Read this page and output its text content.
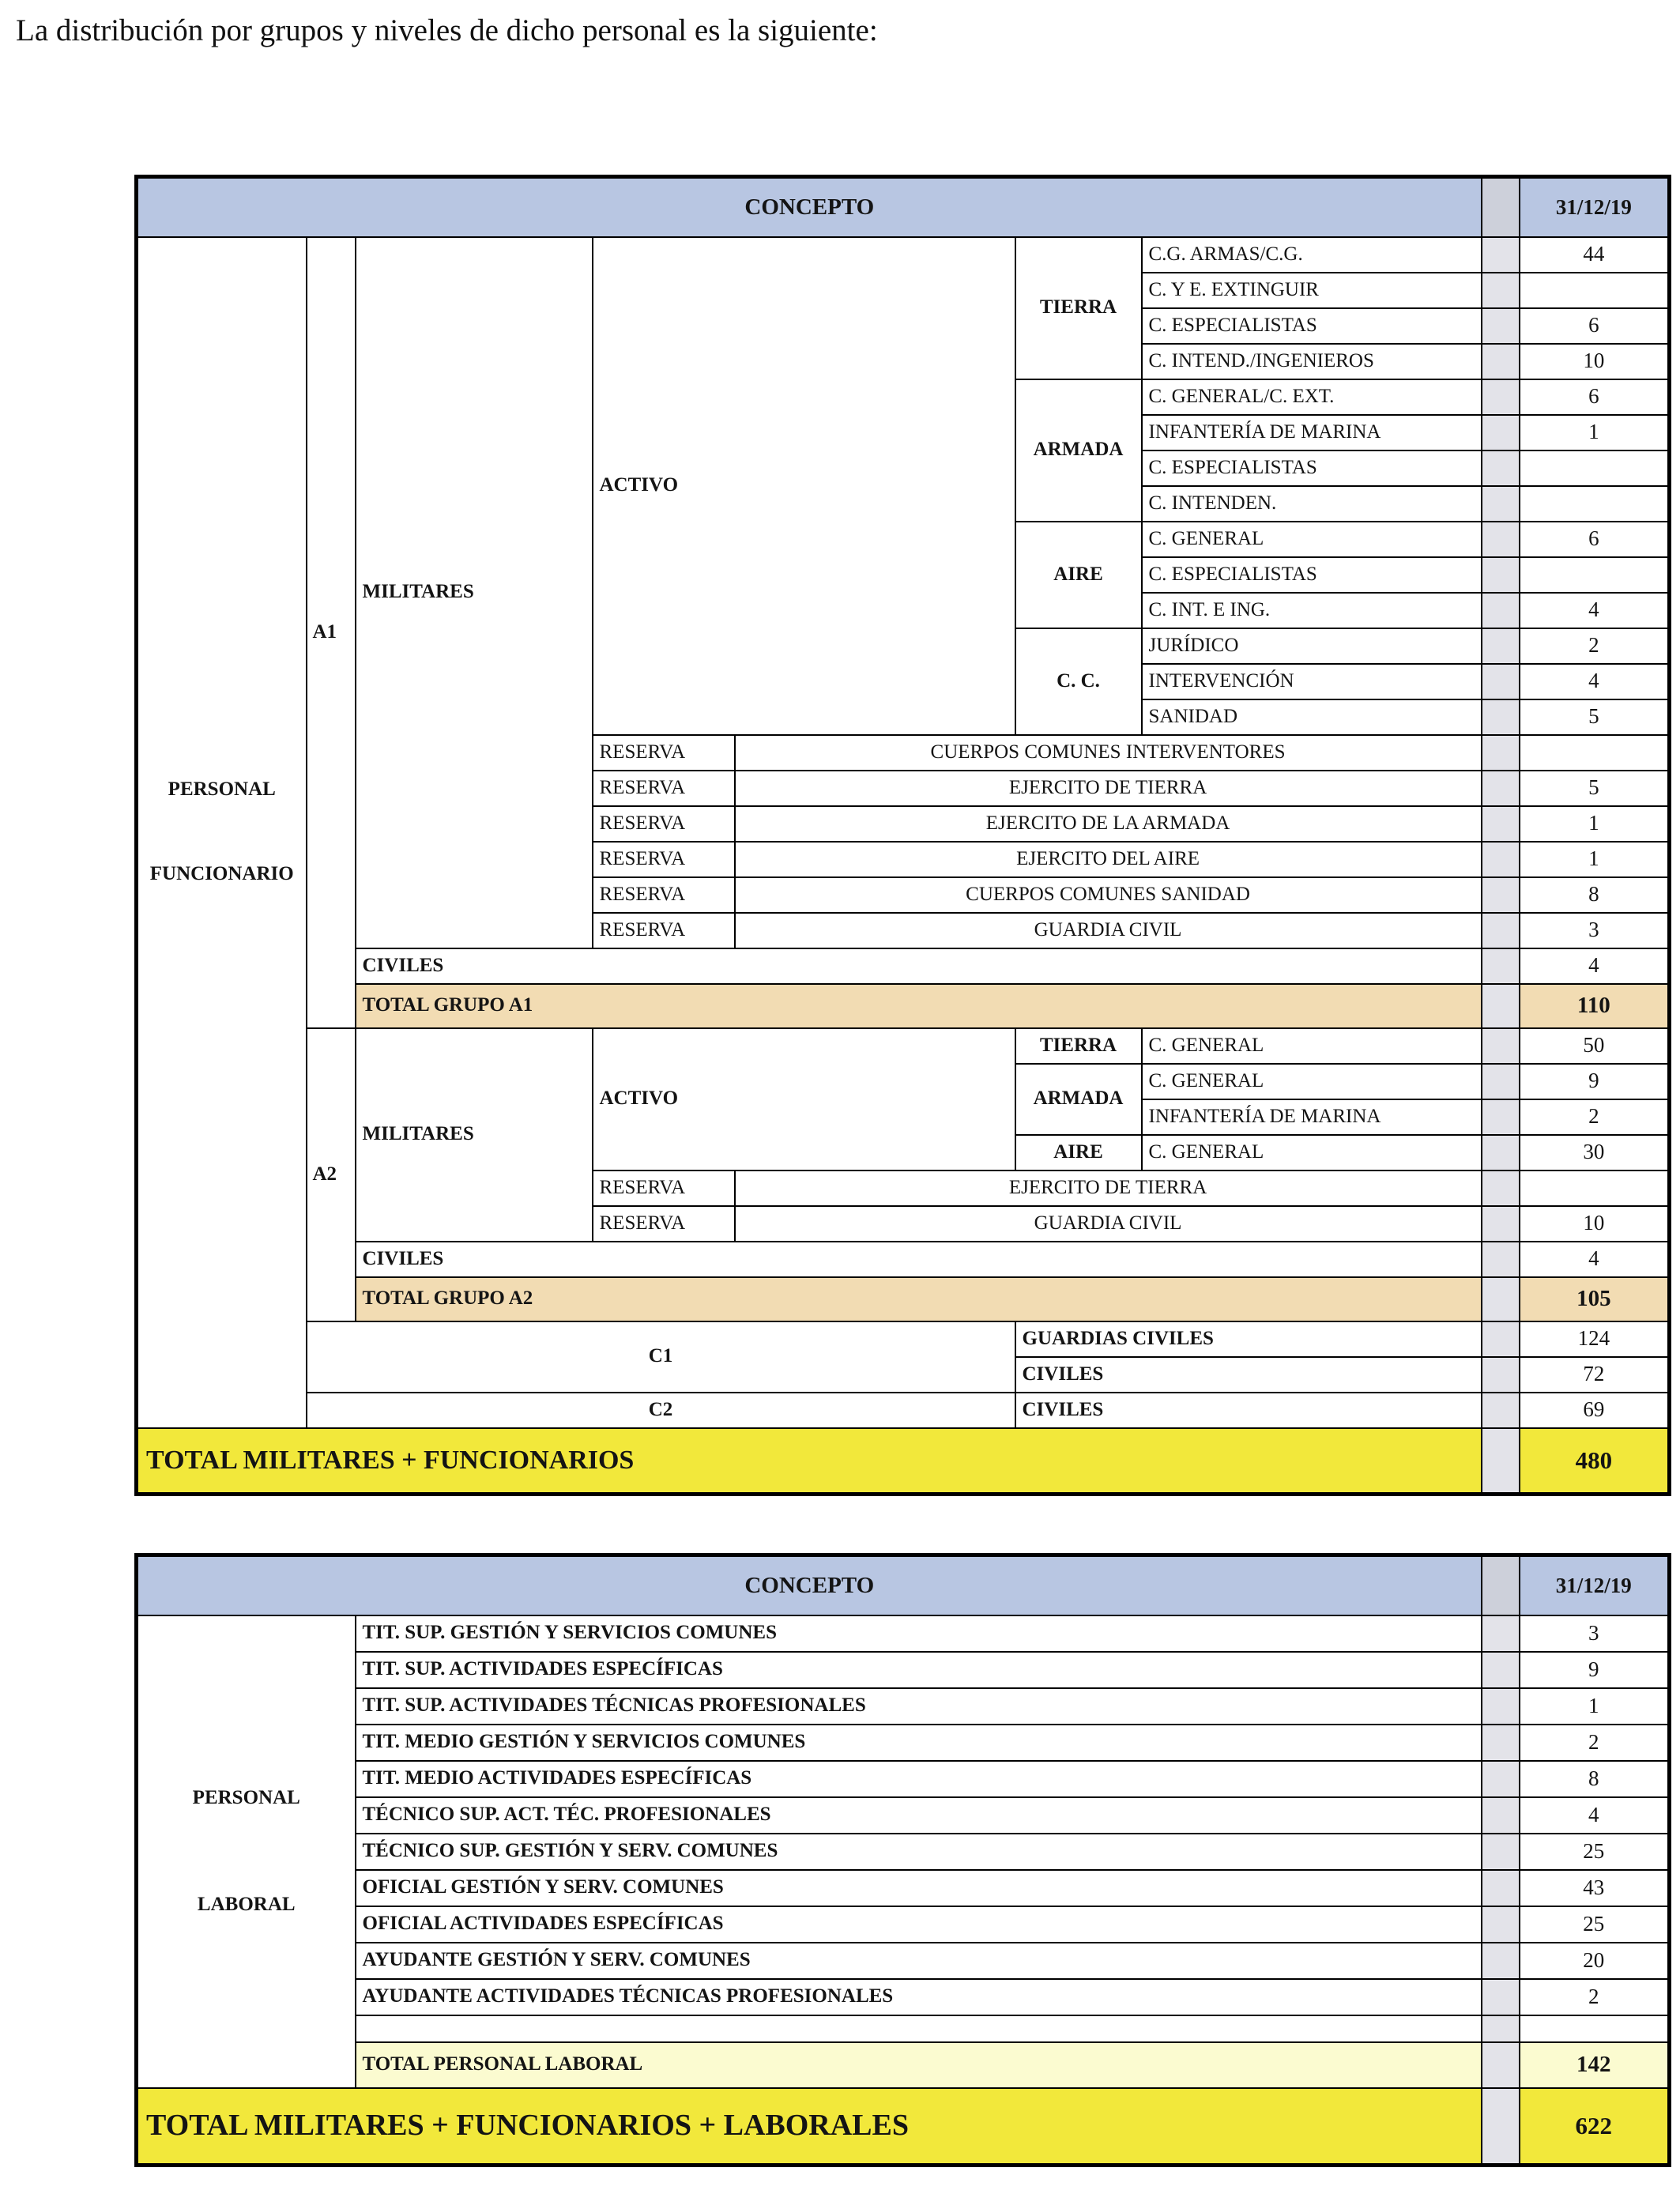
La distribución por grupos y niveles de dicho personal es la siguiente:
CONCEPTO								31/12/19

PERSONAL
FUNCIONARIO	A1	MILITARES	ACTIVO		TIERRA	C.G. ARMAS/C.G.		44
						C. Y E. EXTINGUIR		
						C. ESPECIALISTAS		6
						C. INTEND./INGENIEROS		10
					ARMADA	C. GENERAL/C. EXT.		6
						INFANTERÍA DE MARINA		1
						C. ESPECIALISTAS		
						C. INTENDEN.		
					AIRE	C. GENERAL		6
						C. ESPECIALISTAS		
						C. INT. E ING.		4
					C. C.	JURÍDICO		2
						INTERVENCIÓN		4
						SANIDAD		5
			RESERVA	CUERPOS COMUNES INTERVENTORES				
			RESERVA	EJERCITO DE TIERRA				5
			RESERVA	EJERCITO DE LA ARMADA				1
			RESERVA	EJERCITO DEL AIRE				1
			RESERVA	CUERPOS COMUNES SANIDAD				8
			RESERVA	GUARDIA CIVIL				3
		CIVILES						4
		TOTAL GRUPO A1						110
	A2	MILITARES	ACTIVO		TIERRA	C. GENERAL		50
					ARMADA	C. GENERAL		9
						INFANTERÍA DE MARINA		2
					AIRE	C. GENERAL		30
			RESERVA	EJERCITO DE TIERRA				
			RESERVA	GUARDIA CIVIL				10
		CIVILES						4
		TOTAL GRUPO A2						105
	C1				GUARDIAS CIVILES			124
					CIVILES			72
	C2				CIVILES			69
TOTAL MILITARES + FUNCIONARIOS								480
CONCEPTO			31/12/19

PERSONAL
LABORAL	TIT. SUP. GESTIÓN Y SERVICIOS COMUNES		3
	TIT. SUP. ACTIVIDADES ESPECÍFICAS		9
	TIT. SUP. ACTIVIDADES TÉCNICAS PROFESIONALES		1
	TIT. MEDIO GESTIÓN Y SERVICIOS COMUNES		2
	TIT. MEDIO ACTIVIDADES ESPECÍFICAS		8
	TÉCNICO SUP. ACT. TÉC. PROFESIONALES		4
	TÉCNICO SUP. GESTIÓN Y SERV. COMUNES		25
	OFICIAL GESTIÓN Y SERV. COMUNES		43
	OFICIAL ACTIVIDADES ESPECÍFICAS		25
	AYUDANTE GESTIÓN Y SERV. COMUNES		20
	AYUDANTE ACTIVIDADES TÉCNICAS PROFESIONALES		2

	TOTAL PERSONAL LABORAL		142
TOTAL MILITARES + FUNCIONARIOS + LABORALES			622
